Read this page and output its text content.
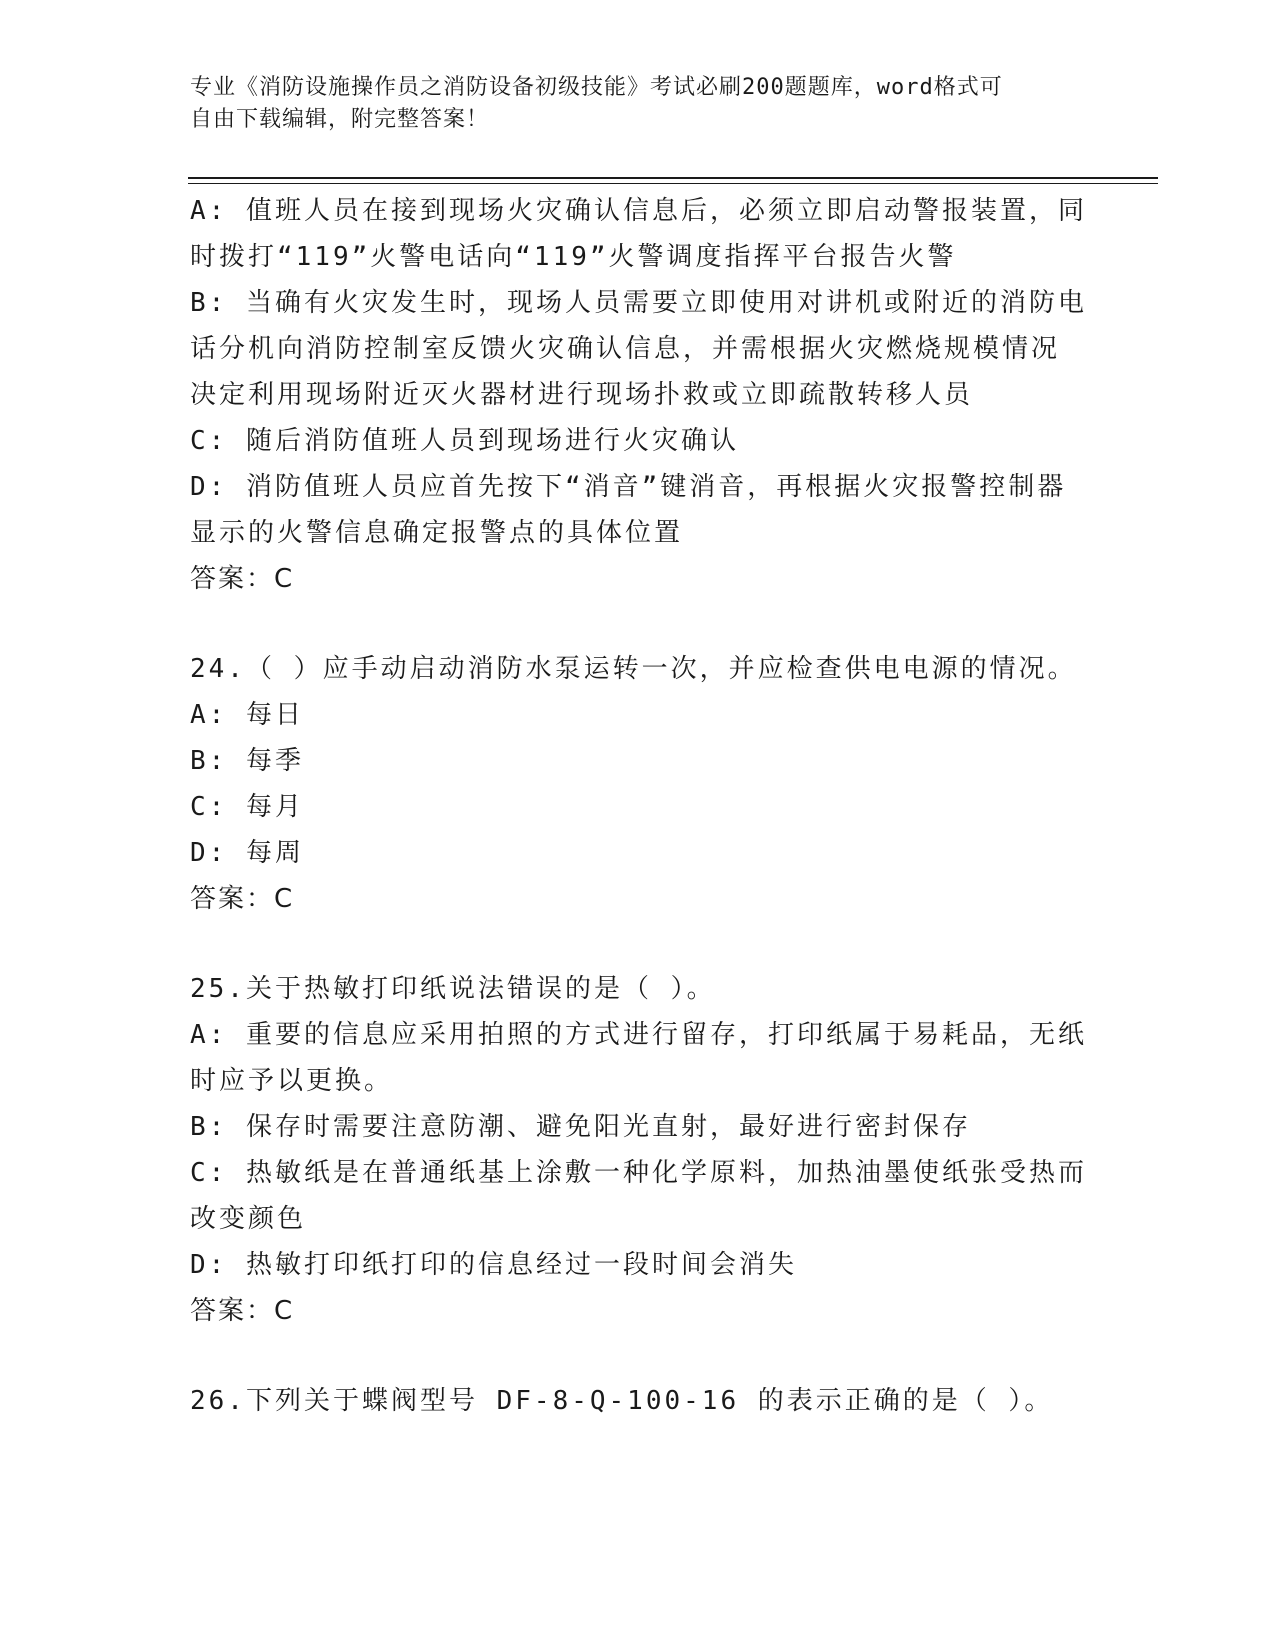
专业《消防设施操作员之消防设备初级技能》考试必刷200题题库，word格式可
自由下载编辑，附完整答案！

A: 值班人员在接到现场火灾确认信息后，必须立即启动警报装置，同

时拨打“119”火警电话向“119”火警调度指挥平台报告火警

B: 当确有火灾发生时，现场人员需要立即使用对讲机或附近的消防电

话分机向消防控制室反馈火灾确认信息，并需根据火灾燃烧规模情况

决定利用现场附近灭火器材进行现场扑救或立即疏散转移人员

C: 随后消防值班人员到现场进行火灾确认

D: 消防值班人员应首先按下“消音”键消音，再根据火灾报警控制器

显示的火警信息确定报警点的具体位置

答案：C

24.（ ）应手动启动消防水泵运转一次，并应检查供电电源的情况。

A: 每日

B: 每季

C: 每月

D: 每周

答案：C

25.关于热敏打印纸说法错误的是（ ）。

A: 重要的信息应采用拍照的方式进行留存，打印纸属于易耗品，无纸

时应予以更换。

B: 保存时需要注意防潮、避免阳光直射，最好进行密封保存

C: 热敏纸是在普通纸基上涂敷一种化学原料，加热油墨使纸张受热而

改变颜色

D: 热敏打印纸打印的信息经过一段时间会消失

答案：C

26.下列关于蝶阀型号 DF-8-Q-100-16 的表示正确的是（ ）。
